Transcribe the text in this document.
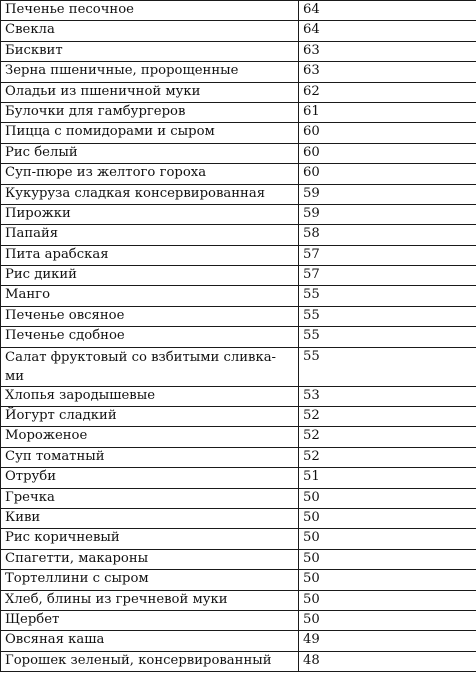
Печенье песочное	64
Свекла	64
Бисквит	63
Зерна пшеничные, пророщенные	63
Оладьи из пшеничной муки	62
Булочки для гамбургеров	61
Пицца с помидорами и сыром	60
Рис белый	60
Суп-пюре из желтого гороха	60
Кукуруза сладкая консервированная	59
Пирожки	59
Папайя	58
Пита арабская	57
Рис дикий	57
Манго	55
Печенье овсяное	55
Печенье сдобное	55
Салат фруктовый со взбитыми сливка-ми	55
Хлопья зародышевые	53
Йогурт сладкий	52
Мороженое	52
Суп томатный	52
Отруби	51
Гречка	50
Киви	50
Рис коричневый	50
Спагетти, макароны	50
Тортеллини с сыром	50
Хлеб, блины из гречневой муки	50
Щербет	50
Овсяная каша	49
Горошек зеленый, консервированный	48
